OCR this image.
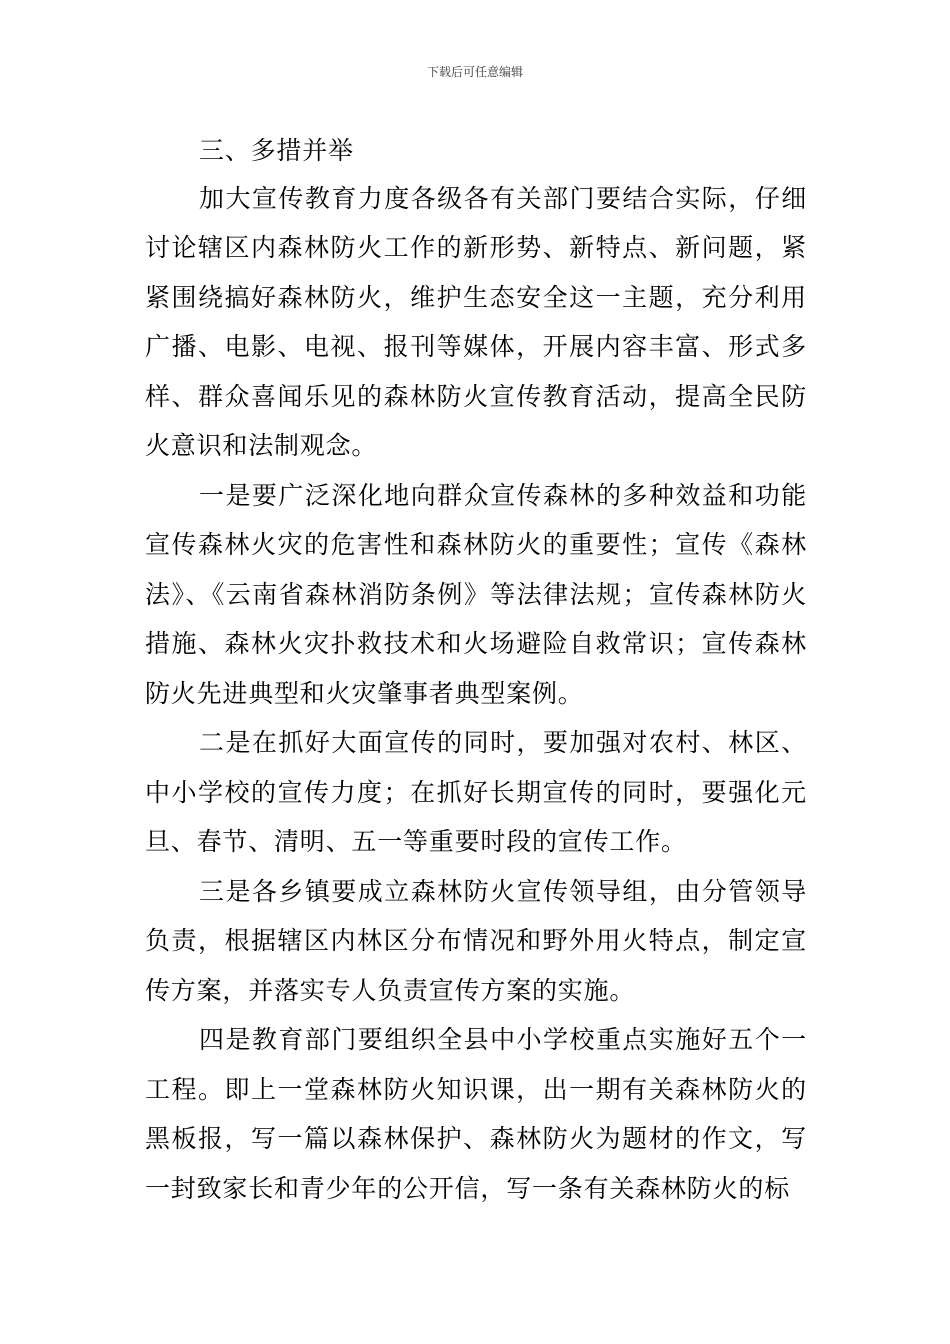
下载后可任意编辑

三、多措并举

加大宣传教育力度各级各有关部门要结合实际，仔细讨论辖区内森林防火工作的新形势、新特点、新问题，紧紧围绕搞好森林防火，维护生态安全这一主题，充分利用广播、电影、电视、报刊等媒体，开展内容丰富、形式多样、群众喜闻乐见的森林防火宣传教育活动，提高全民防火意识和法制观念。

一是要广泛深化地向群众宣传森林的多种效益和功能宣传森林火灾的危害性和森林防火的重要性；宣传《森林法》、《云南省森林消防条例》等法律法规；宣传森林防火措施、森林火灾扑救技术和火场避险自救常识；宣传森林防火先进典型和火灾肇事者典型案例。

二是在抓好大面宣传的同时，要加强对农村、林区、中小学校的宣传力度；在抓好长期宣传的同时，要强化元旦、春节、清明、五一等重要时段的宣传工作。

三是各乡镇要成立森林防火宣传领导组，由分管领导负责，根据辖区内林区分布情况和野外用火特点，制定宣传方案，并落实专人负责宣传方案的实施。

四是教育部门要组织全县中小学校重点实施好五个一工程。即上一堂森林防火知识课，出一期有关森林防火的黑板报，写一篇以森林保护、森林防火为题材的作文，写一封致家长和青少年的公开信，写一条有关森林防火的标
